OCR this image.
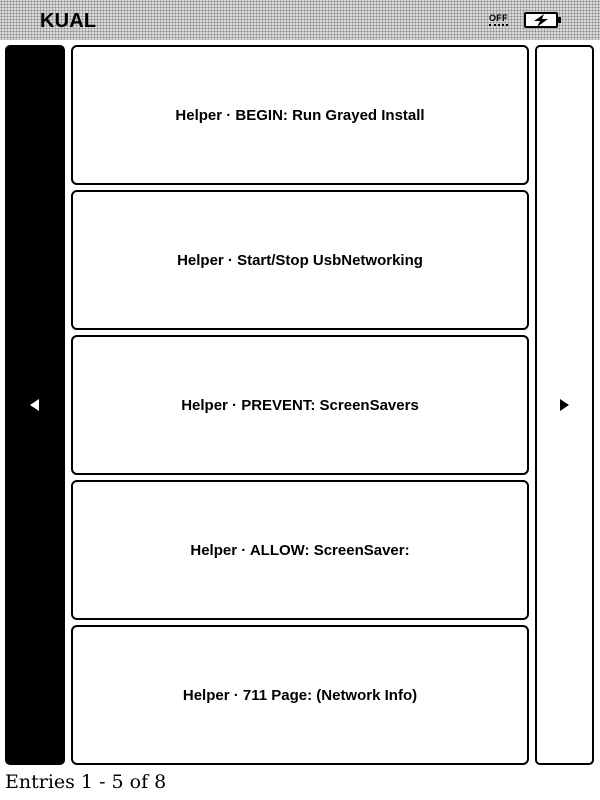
KUAL	OFF
Helper · BEGIN: Run Grayed Install
Helper · Start/Stop UsbNetworking
Helper · PREVENT: ScreenSavers
Helper · ALLOW: ScreenSaver:
Helper · 711 Page: (Network Info)
Entries 1 - 5 of 8
